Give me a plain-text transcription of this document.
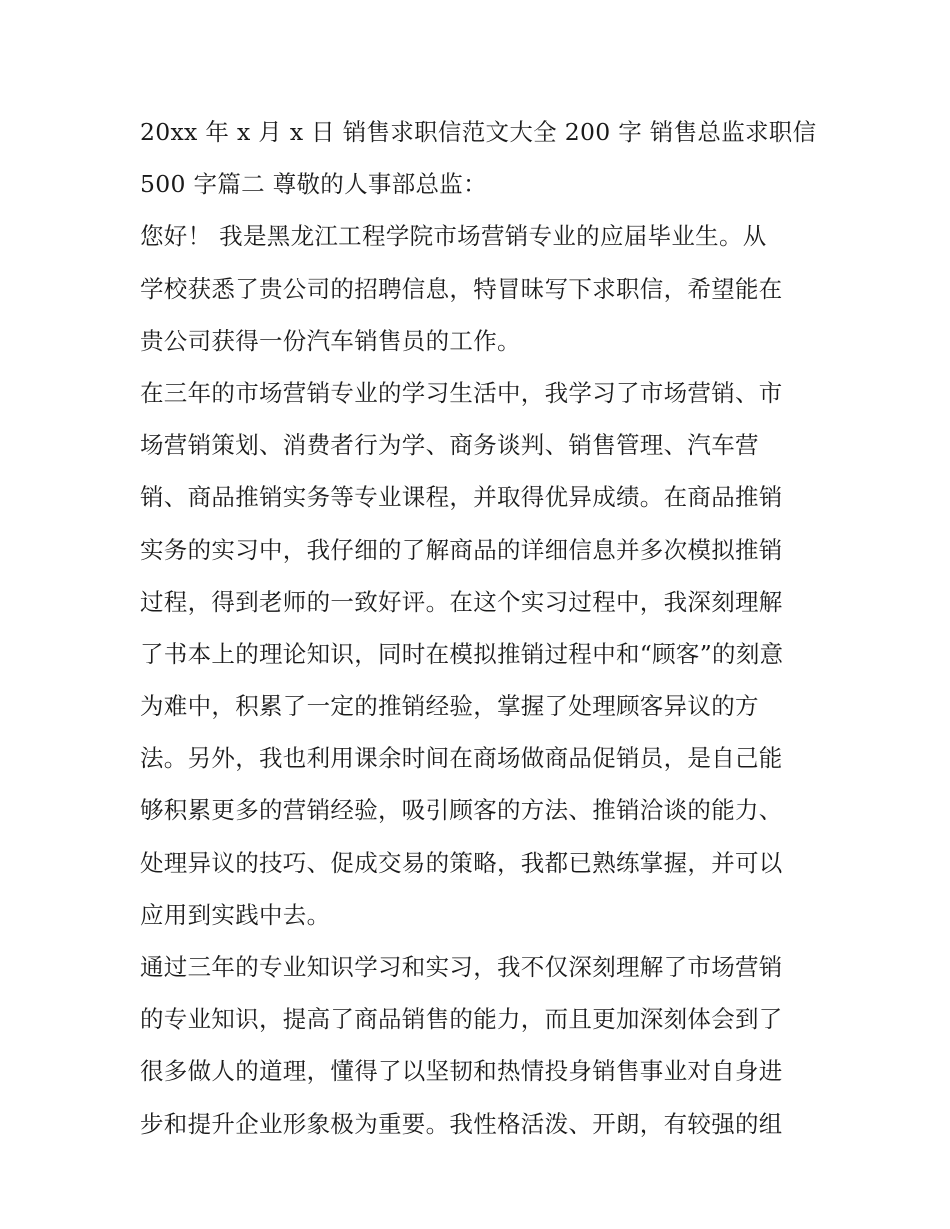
20xx 年 x 月 x 日 销售求职信范文大全 200 字 销售总监求职信
500 字篇二 尊敬的人事部总监：
您好！ 我是黑龙江工程学院市场营销专业的应届毕业生。从
学校获悉了贵公司的招聘信息，特冒昧写下求职信，希望能在
贵公司获得一份汽车销售员的工作。
在三年的市场营销专业的学习生活中，我学习了市场营销、市
场营销策划、消费者行为学、商务谈判、销售管理、汽车营
销、商品推销实务等专业课程，并取得优异成绩。在商品推销
实务的实习中，我仔细的了解商品的详细信息并多次模拟推销
过程，得到老师的一致好评。在这个实习过程中，我深刻理解
了书本上的理论知识，同时在模拟推销过程中和“顾客”的刻意
为难中，积累了一定的推销经验，掌握了处理顾客异议的方
法。另外，我也利用课余时间在商场做商品促销员，是自己能
够积累更多的营销经验，吸引顾客的方法、推销洽谈的能力、
处理异议的技巧、促成交易的策略，我都已熟练掌握，并可以
应用到实践中去。
通过三年的专业知识学习和实习，我不仅深刻理解了市场营销
的专业知识，提高了商品销售的能力，而且更加深刻体会到了
很多做人的道理，懂得了以坚韧和热情投身销售事业对自身进
步和提升企业形象极为重要。我性格活泼、开朗，有较强的组
